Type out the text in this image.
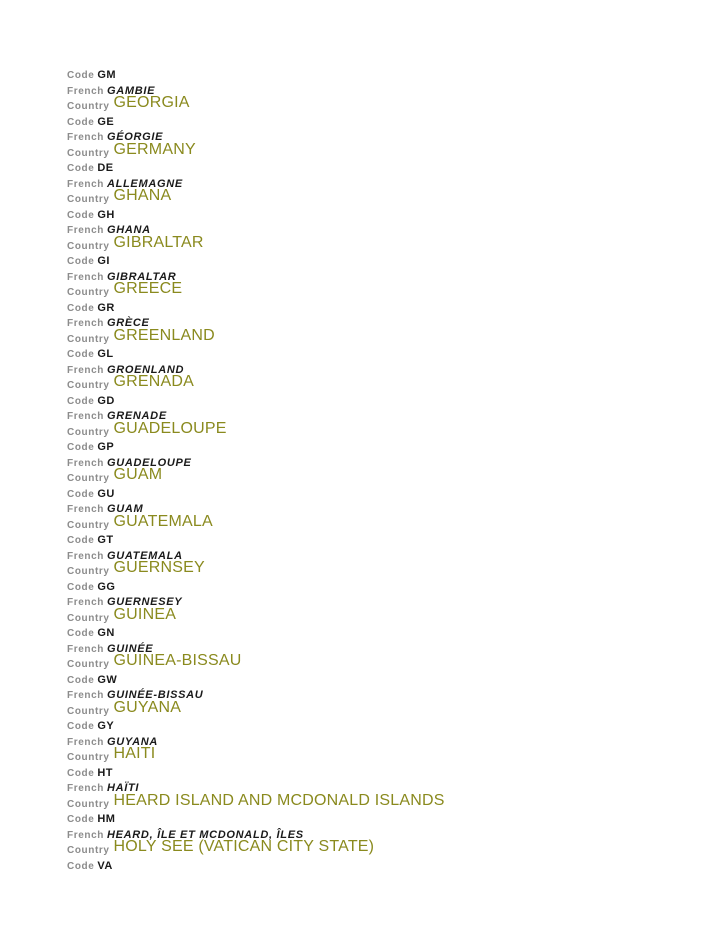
Code GM
French GAMBIE
Country GEORGIA
Code GE
French GÉORGIE
Country GERMANY
Code DE
French ALLEMAGNE
Country GHANA
Code GH
French GHANA
Country GIBRALTAR
Code GI
French GIBRALTAR
Country GREECE
Code GR
French GRÈCE
Country GREENLAND
Code GL
French GROENLAND
Country GRENADA
Code GD
French GRENADE
Country GUADELOUPE
Code GP
French GUADELOUPE
Country GUAM
Code GU
French GUAM
Country GUATEMALA
Code GT
French GUATEMALA
Country GUERNSEY
Code GG
French GUERNESEY
Country GUINEA
Code GN
French GUINÉE
Country GUINEA-BISSAU
Code GW
French GUINÉE-BISSAU
Country GUYANA
Code GY
French GUYANA
Country HAITI
Code HT
French HAÏTI
Country HEARD ISLAND AND MCDONALD ISLANDS
Code HM
French HEARD, ÎLE ET MCDONALD, ÎLES
Country HOLY SEE (VATICAN CITY STATE)
Code VA
